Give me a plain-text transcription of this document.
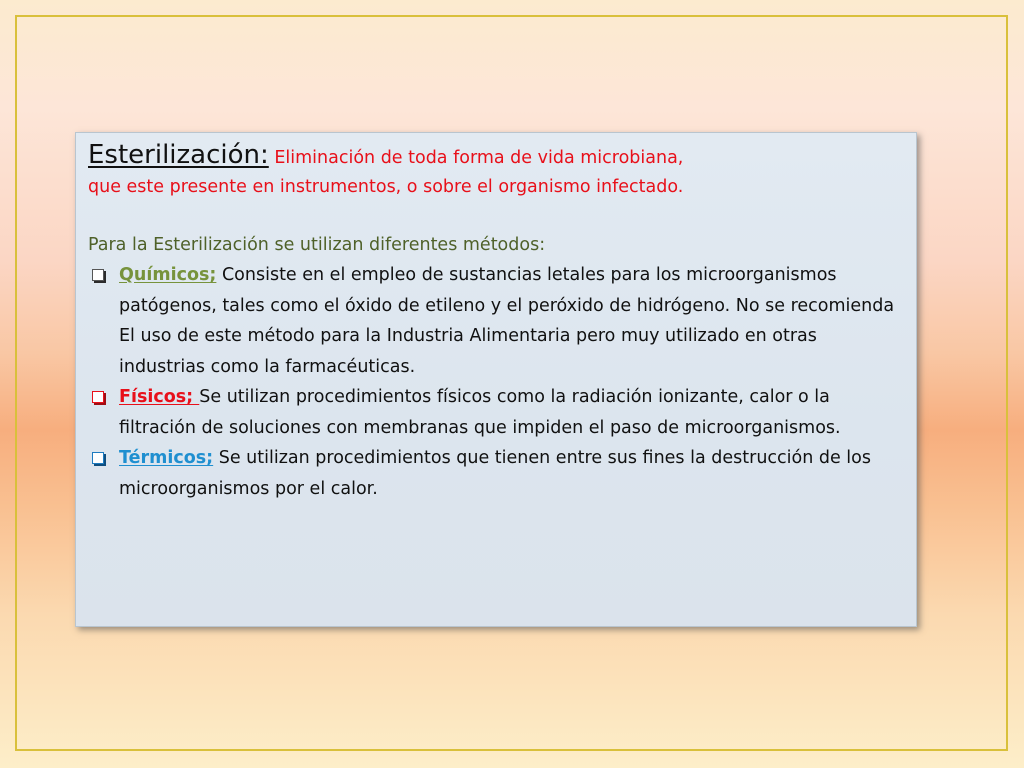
Esterilización: Eliminación de toda forma de vida microbiana,
que este presente en instrumentos, o sobre el organismo infectado.

Para la Esterilización se utilizan diferentes métodos:

Químicos; Consiste en el empleo de sustancias letales para los microorganismos patógenos, tales como el óxido de etileno y el peróxido de hidrógeno. No se recomienda El uso de este método para la Industria Alimentaria pero muy utilizado en otras industrias como la farmacéuticas.
Físicos; Se utilizan procedimientos físicos como la radiación ionizante, calor o la filtración de soluciones con membranas que impiden el paso de microorganismos.
Térmicos; Se utilizan procedimientos que tienen entre sus fines la destrucción de los microorganismos por el calor.
